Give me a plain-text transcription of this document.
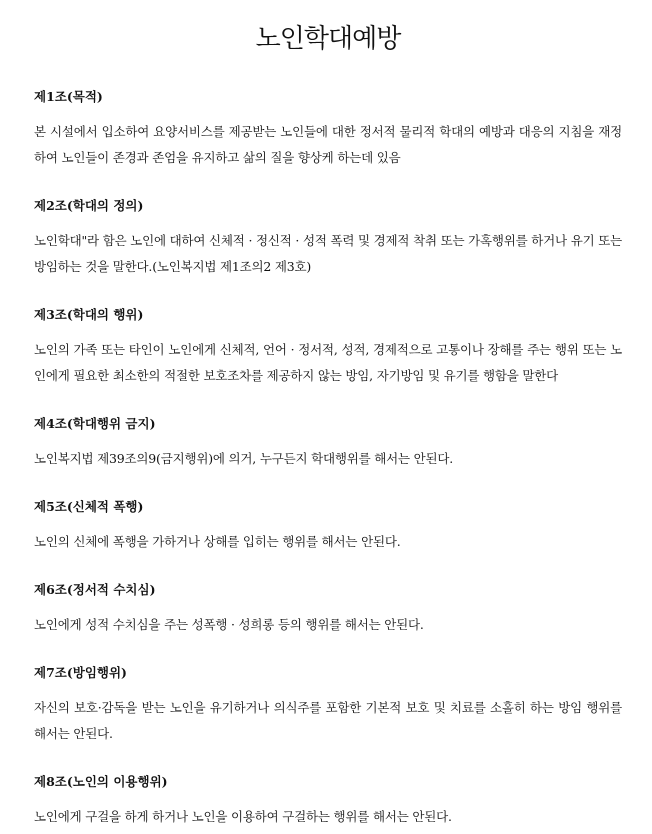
노인학대예방

제1조(목적)

본 시설에서 입소하여 요양서비스를 제공받는 노인들에 대한 정서적 물리적 학대의 예방과 대응의 지침을 재정하여 노인들이 존경과 존엄을 유지하고 삶의 질을 향상케 하는데 있음

제2조(학대의 정의)

노인학대"라 함은 노인에 대하여 신체적 · 정신적 · 성적 폭력 및 경제적 착취 또는 가혹행위를 하거나 유기 또는 방임하는 것을 말한다.(노인복지법 제1조의2 제3호)

제3조(학대의 행위)

노인의 가족 또는 타인이 노인에게 신체적, 언어 · 정서적, 성적, 경제적으로 고통이나 장해를 주는 행위 또는 노인에게 필요한 최소한의 적절한 보호조차를 제공하지 않는 방임, 자기방임 및 유기를 행함을 말한다

제4조(학대행위 금지)

노인복지법 제39조의9(금지행위)에 의거, 누구든지 학대행위를 해서는 안된다.

제5조(신체적 폭행)

노인의 신체에 폭행을 가하거나 상해를 입히는 행위를 해서는 안된다.

제6조(정서적 수치심)

노인에게 성적 수치심을 주는 성폭행 · 성희롱 등의 행위를 해서는 안된다.

제7조(방임행위)

자신의 보호·감독을 받는 노인을 유기하거나 의식주를 포함한 기본적 보호 및 치료를 소홀히 하는 방임 행위를 해서는 안된다.

제8조(노인의 이용행위)

노인에게 구걸을 하게 하거나 노인을 이용하여 구걸하는 행위를 해서는 안된다.
